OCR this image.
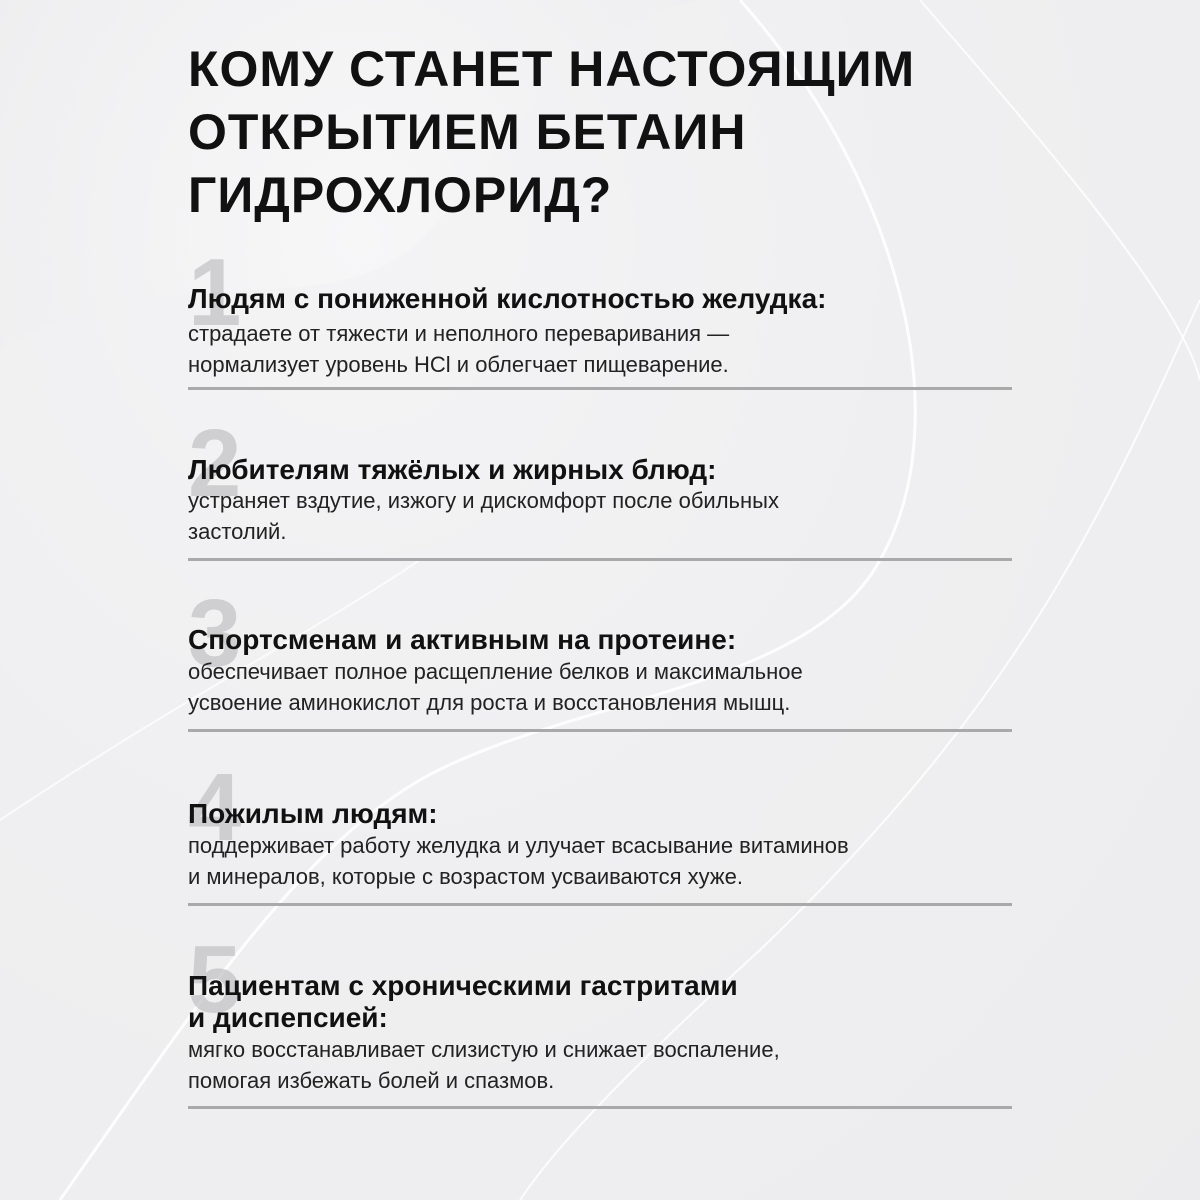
КОМУ СТАНЕТ НАСТОЯЩИМ
ОТКРЫТИЕМ БЕТАИН
ГИДРОХЛОРИД?
1
Людям с пониженной кислотностью желудка:
страдаете от тяжести и неполного переваривания —
нормализует уровень HCl и облегчает пищеварение.
2
Любителям тяжёлых и жирных блюд:
устраняет вздутие, изжогу и дискомфорт после обильных
застолий.
3
Спортсменам и активным на протеине:
обеспечивает полное расщепление белков и максимальное
усвоение аминокислот для роста и восстановления мышц.
4
Пожилым людям:
поддерживает работу желудка и улучает всасывание витаминов
и минералов, которые с возрастом усваиваются хуже.
5
Пациентам с хроническими гастритами
и диспепсией:
мягко восстанавливает слизистую и снижает воспаление,
помогая избежать болей и спазмов.
